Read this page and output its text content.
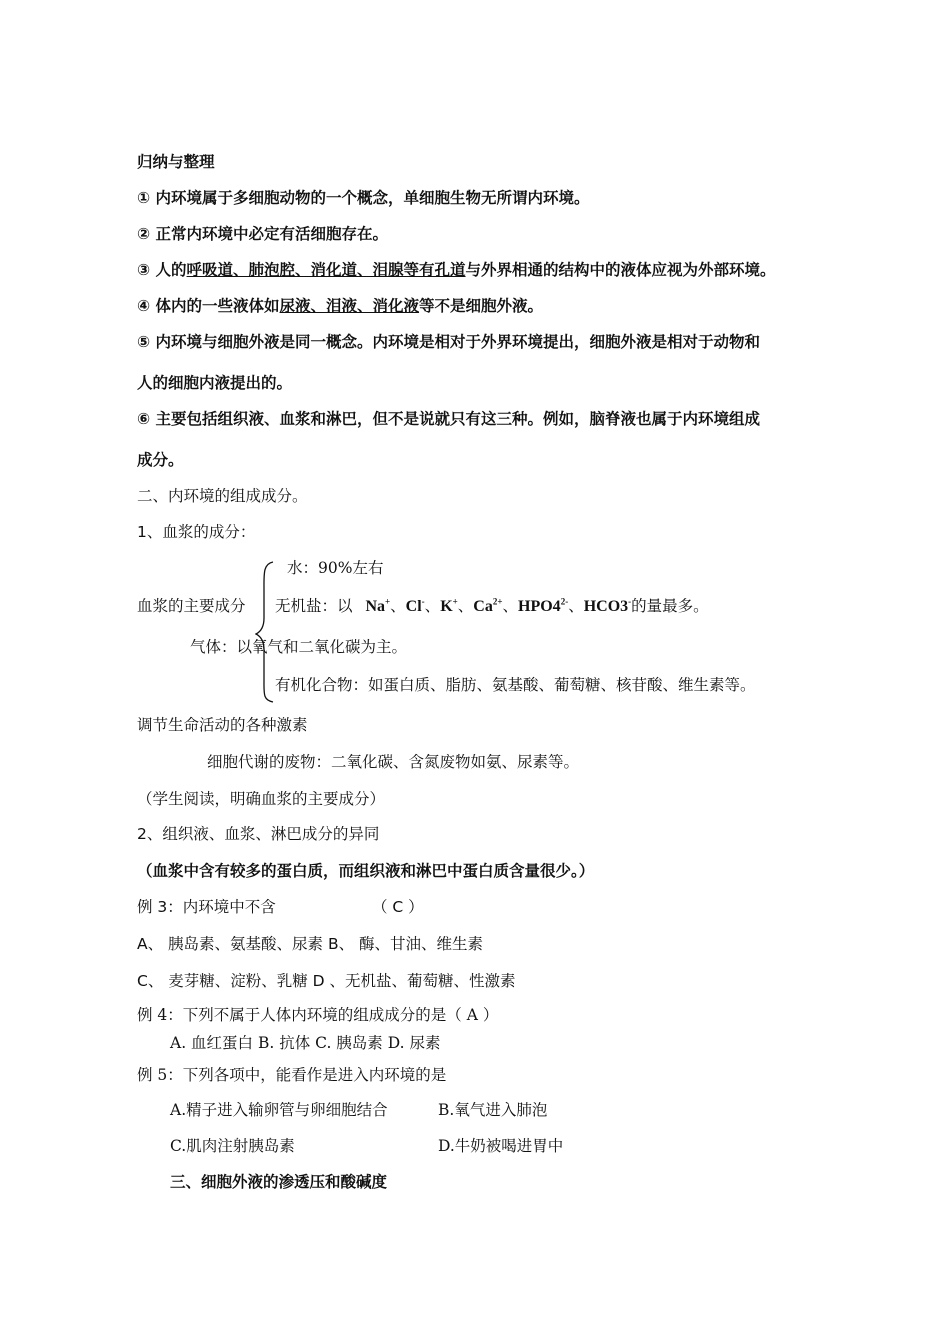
归纳与整理
① 内环境属于多细胞动物的一个概念，单细胞生物无所谓内环境。
② 正常内环境中必定有活细胞存在。
③ 人的呼吸道、肺泡腔、消化道、泪腺等有孔道与外界相通的结构中的液体应视为外部环境。
④ 体内的一些液体如尿液、泪液、消化液等不是细胞外液。
⑤ 内环境与细胞外液是同一概念。内环境是相对于外界环境提出，细胞外液是相对于动物和
人的细胞内液提出的。
⑥ 主要包括组织液、血浆和淋巴，但不是说就只有这三种。例如，脑脊液也属于内环境组成
成分。
二、内环境的组成成分。
1、血浆的成分：
水：90%左右
血浆的主要成分 无机盐：以 Na+、Cl-、K+、$Ca^{2+}$、$HPO4^{2-}$、HCO3-的量最多。
气体：以氧气和二氧化碳为主。
有机化合物：如蛋白质、脂肪、氨基酸、葡萄糖、核苷酸、维生素等。
调节生命活动的各种激素
细胞代谢的废物：二氧化碳、含氮废物如氨、尿素等。
（学生阅读，明确血浆的主要成分）
2、组织液、血浆、淋巴成分的异同
（血浆中含有较多的蛋白质，而组织液和淋巴中蛋白质含量很少。）
例 3：内环境中不含	（ C ）
A、 胰岛素、氨基酸、尿素 B、 酶、甘油、维生素
C、 麦芽糖、淀粉、乳糖 D 、无机盐、葡萄糖、性激素
例 4：下列不属于人体内环境的组成成分的是（ A ）
A. 血红蛋白 B. 抗体 C. 胰岛素 D. 尿素
例 5：下列各项中，能看作是进入内环境的是
A.精子进入输卵管与卵细胞结合	B.氧气进入肺泡
C.肌肉注射胰岛素	D.牛奶被喝进胃中
三、细胞外液的渗透压和酸碱度
